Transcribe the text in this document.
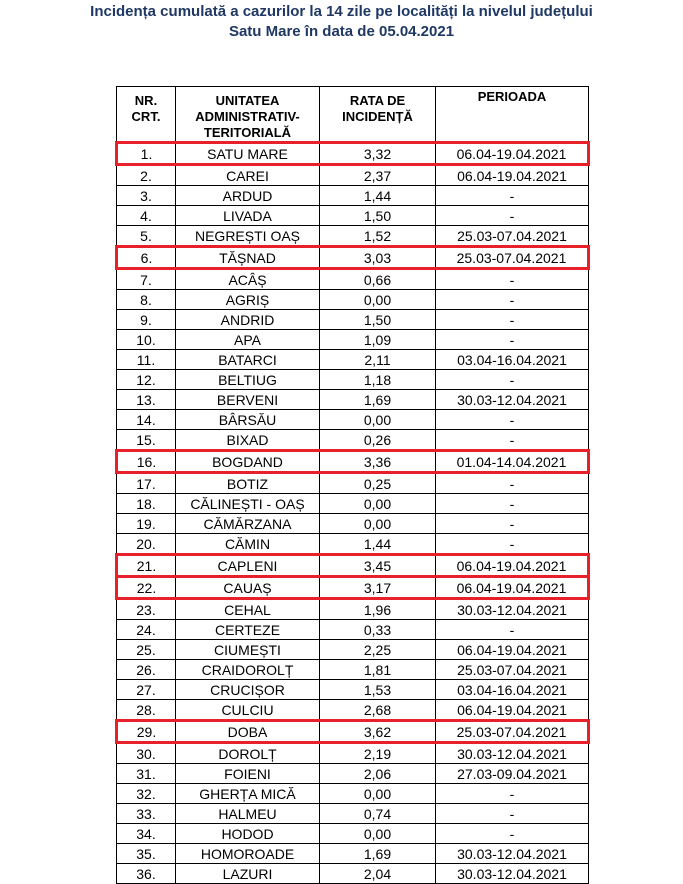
Incidența cumulată a cazurilor la 14 zile pe localități la nivelul județului
Satu Mare în data de 05.04.2021
NR. CRT.	UNITATEA ADMINISTRATIV-TERITORIALĂ	RATA DE INCIDENȚĂ	PERIOADA
1.	SATU MARE	3,32	06.04-19.04.2021
2.	CAREI	2,37	06.04-19.04.2021
3.	ARDUD	1,44	-
4.	LIVADA	1,50	-
5.	NEGREȘTI OAȘ	1,52	25.03-07.04.2021
6.	TĂȘNAD	3,03	25.03-07.04.2021
7.	ACÂȘ	0,66	-
8.	AGRIȘ	0,00	-
9.	ANDRID	1,50	-
10.	APA	1,09	-
11.	BATARCI	2,11	03.04-16.04.2021
12.	BELTIUG	1,18	-
13.	BERVENI	1,69	30.03-12.04.2021
14.	BÂRSĂU	0,00	-
15.	BIXAD	0,26	-
16.	BOGDAND	3,36	01.04-14.04.2021
17.	BOTIZ	0,25	-
18.	CĂLINEȘTI - OAȘ	0,00	-
19.	CĂMĂRZANA	0,00	-
20.	CĂMIN	1,44	-
21.	CAPLENI	3,45	06.04-19.04.2021
22.	CAUAȘ	3,17	06.04-19.04.2021
23.	CEHAL	1,96	30.03-12.04.2021
24.	CERTEZE	0,33	-
25.	CIUMEȘTI	2,25	06.04-19.04.2021
26.	CRAIDOROLȚ	1,81	25.03-07.04.2021
27.	CRUCIȘOR	1,53	03.04-16.04.2021
28.	CULCIU	2,68	06.04-19.04.2021
29.	DOBA	3,62	25.03-07.04.2021
30.	DOROLȚ	2,19	30.03-12.04.2021
31.	FOIENI	2,06	27.03-09.04.2021
32.	GHERȚA MICĂ	0,00	-
33.	HALMEU	0,74	-
34.	HODOD	0,00	-
35.	HOMOROADE	1,69	30.03-12.04.2021
36.	LAZURI	2,04	30.03-12.04.2021
